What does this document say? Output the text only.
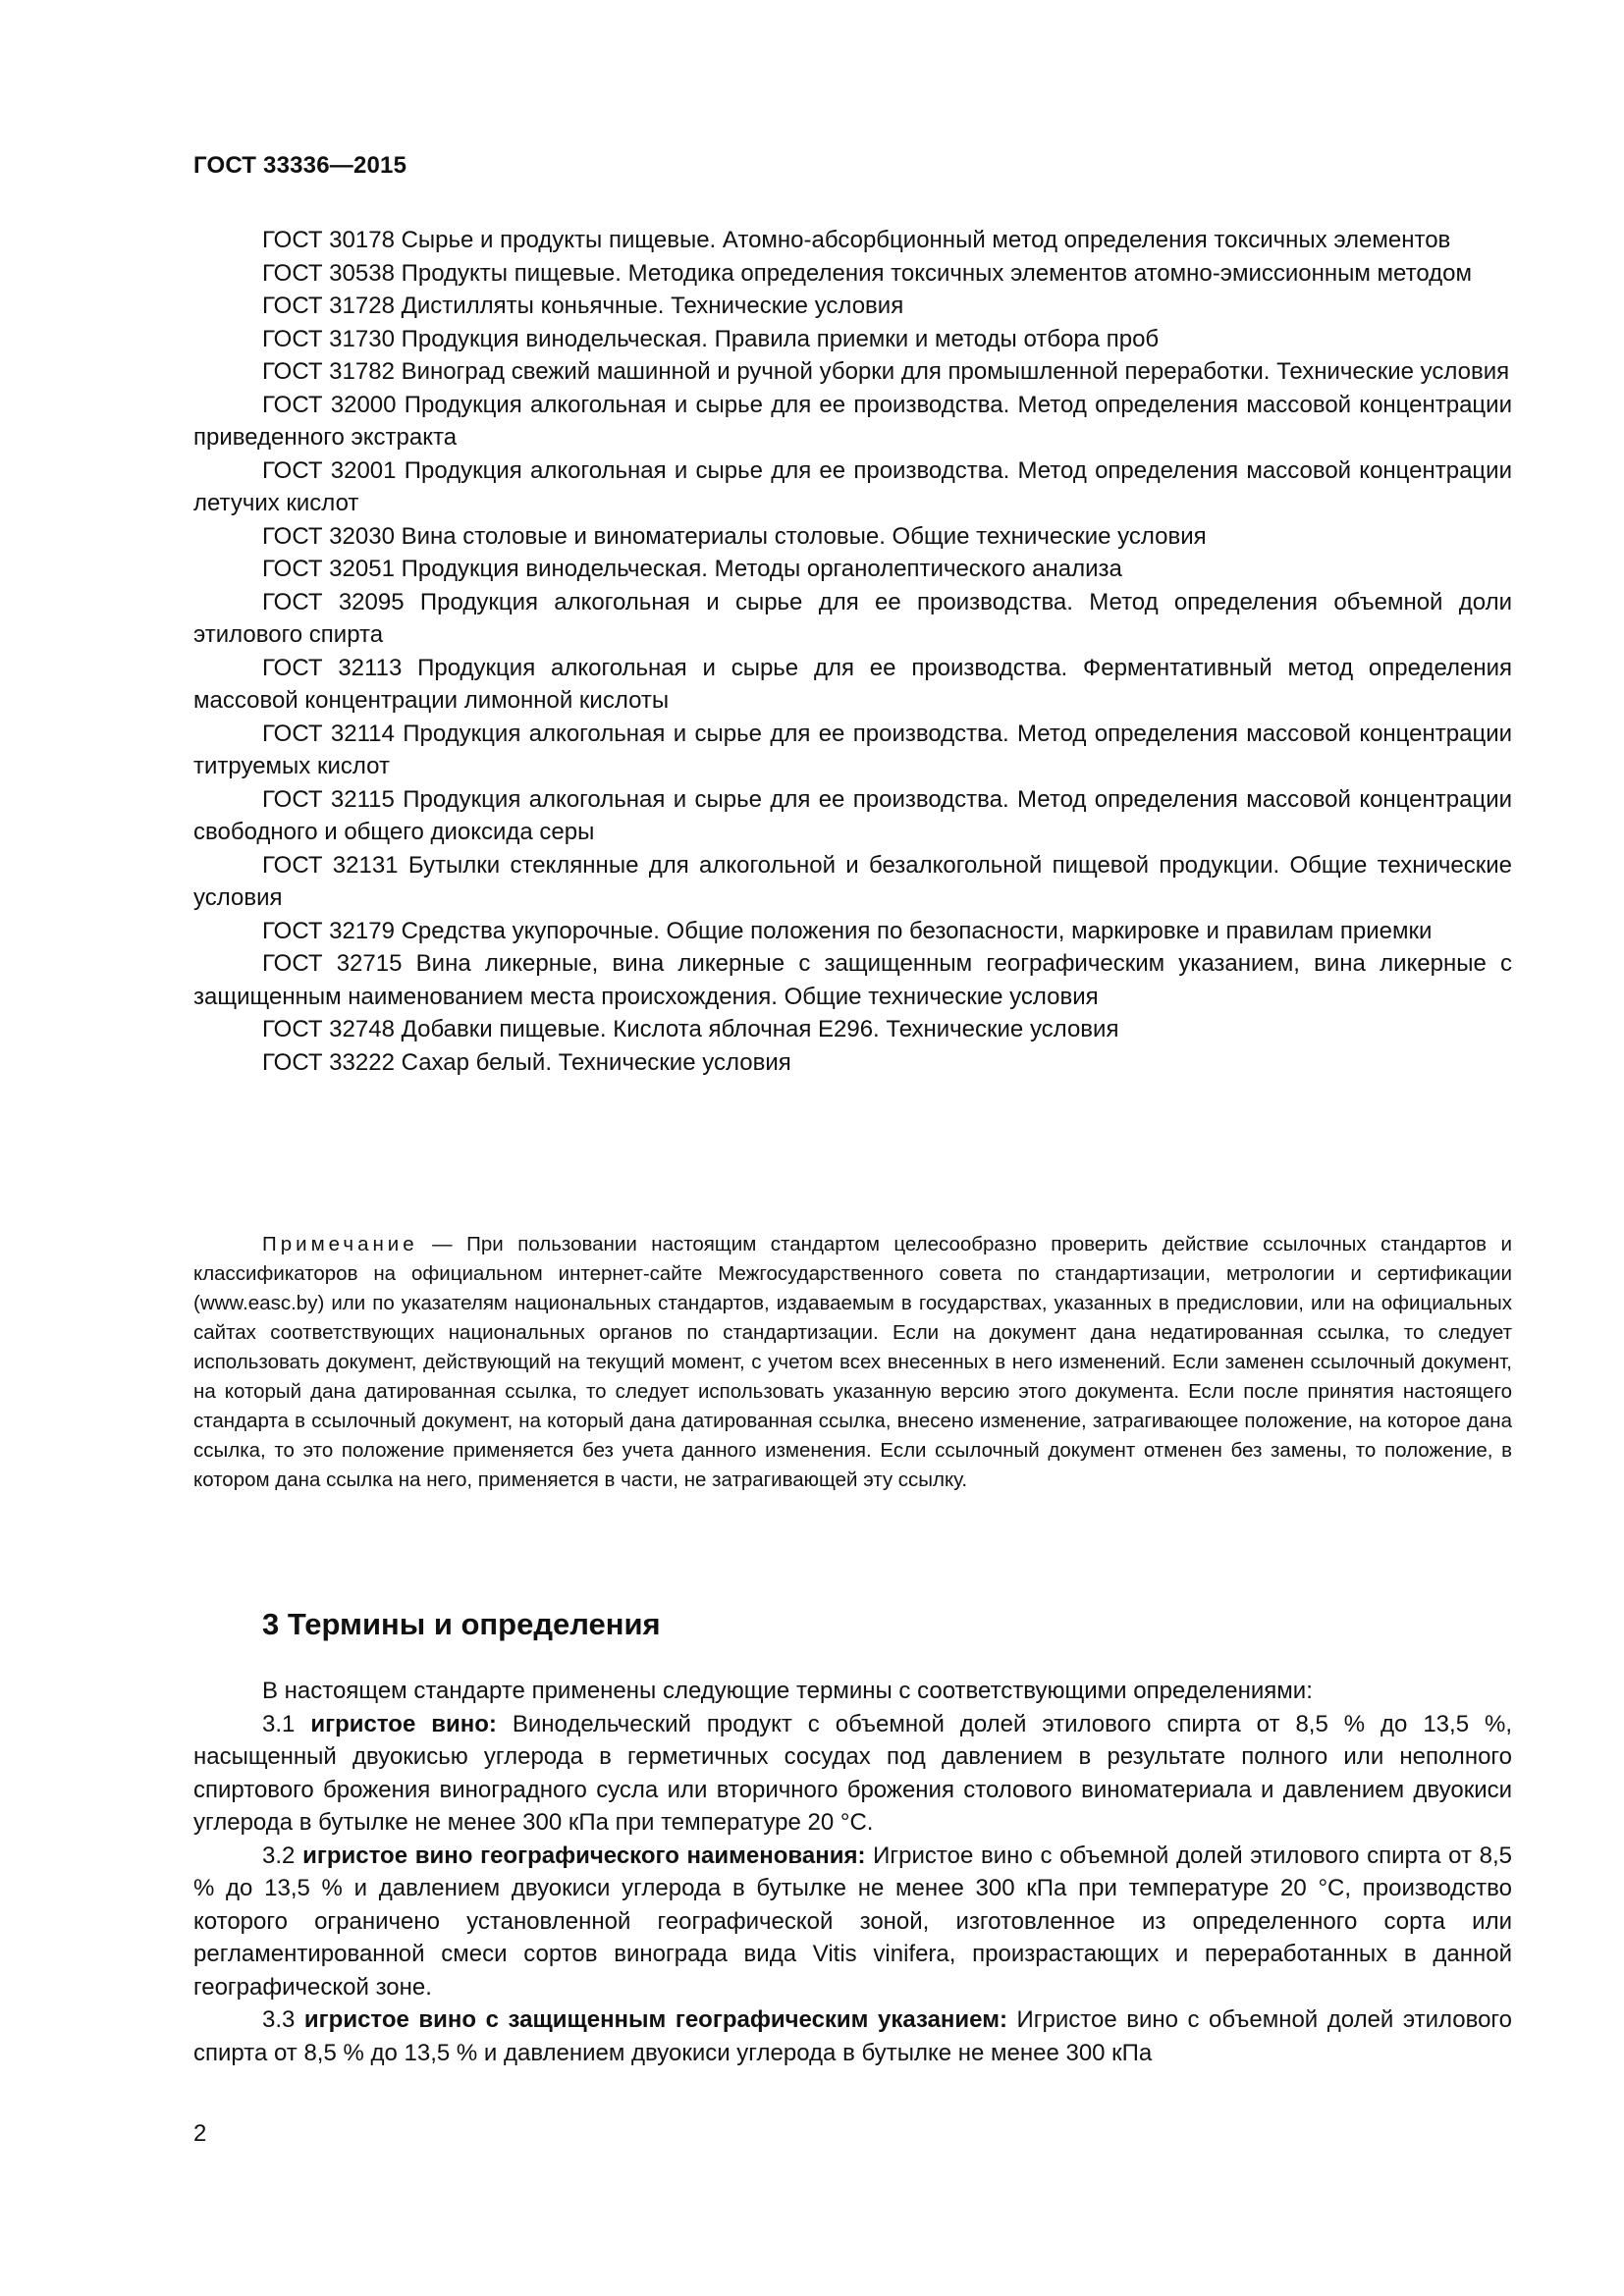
ГОСТ 33336—2015

ГОСТ 30178 Сырье и продукты пищевые. Атомно-абсорбционный метод определения токсичных элементов

ГОСТ 30538 Продукты пищевые. Методика определения токсичных элементов атомно-эмиссионным методом

ГОСТ 31728 Дистилляты коньячные. Технические условия

ГОСТ 31730 Продукция винодельческая. Правила приемки и методы отбора проб

ГОСТ 31782 Виноград свежий машинной и ручной уборки для промышленной переработки. Технические условия

ГОСТ 32000 Продукция алкогольная и сырье для ее производства. Метод определения массовой концентрации приведенного экстракта

ГОСТ 32001 Продукция алкогольная и сырье для ее производства. Метод определения массовой концентрации летучих кислот

ГОСТ 32030 Вина столовые и виноматериалы столовые. Общие технические условия

ГОСТ 32051 Продукция винодельческая. Методы органолептического анализа

ГОСТ 32095 Продукция алкогольная и сырье для ее производства. Метод определения объемной доли этилового спирта

ГОСТ 32113 Продукция алкогольная и сырье для ее производства. Ферментативный метод определения массовой концентрации лимонной кислоты

ГОСТ 32114 Продукция алкогольная и сырье для ее производства. Метод определения массовой концентрации титруемых кислот

ГОСТ 32115 Продукция алкогольная и сырье для ее производства. Метод определения массовой концентрации свободного и общего диоксида серы

ГОСТ 32131 Бутылки стеклянные для алкогольной и безалкогольной пищевой продукции. Общие технические условия

ГОСТ 32179 Средства укупорочные. Общие положения по безопасности, маркировке и правилам приемки

ГОСТ 32715 Вина ликерные, вина ликерные с защищенным географическим указанием, вина ликерные с защищенным наименованием места происхождения. Общие технические условия

ГОСТ 32748 Добавки пищевые. Кислота яблочная Е296. Технические условия

ГОСТ 33222 Сахар белый. Технические условия

Примечание — При пользовании настоящим стандартом целесообразно проверить действие ссылочных стандартов и классификаторов на официальном интернет-сайте Межгосударственного совета по стандартизации, метрологии и сертификации (www.easc.by) или по указателям национальных стандартов, издаваемым в государствах, указанных в предисловии, или на официальных сайтах соответствующих национальных органов по стандартизации. Если на документ дана недатированная ссылка, то следует использовать документ, действующий на текущий момент, с учетом всех внесенных в него изменений. Если заменен ссылочный документ, на который дана датированная ссылка, то следует использовать указанную версию этого документа. Если после принятия настоящего стандарта в ссылочный документ, на который дана датированная ссылка, внесено изменение, затрагивающее положение, на которое дана ссылка, то это положение применяется без учета данного изменения. Если ссылочный документ отменен без замены, то положение, в котором дана ссылка на него, применяется в части, не затрагивающей эту ссылку.

3 Термины и определения

В настоящем стандарте применены следующие термины с соответствующими определениями:

3.1 игристое вино: Винодельческий продукт с объемной долей этилового спирта от 8,5 % до 13,5 %, насыщенный двуокисью углерода в герметичных сосудах под давлением в результате полного или неполного спиртового брожения виноградного сусла или вторичного брожения столового виноматериала и давлением двуокиси углерода в бутылке не менее 300 кПа при температуре 20 °С.

3.2 игристое вино географического наименования: Игристое вино с объемной долей этилового спирта от 8,5 % до 13,5 % и давлением двуокиси углерода в бутылке не менее 300 кПа при температуре 20 °С, производство которого ограничено установленной географической зоной, изготовленное из определенного сорта или регламентированной смеси сортов винограда вида Vitis vinifera, произрастающих и переработанных в данной географической зоне.

3.3 игристое вино с защищенным географическим указанием: Игристое вино с объемной долей этилового спирта от 8,5 % до 13,5 % и давлением двуокиси углерода в бутылке не менее 300 кПа

2
